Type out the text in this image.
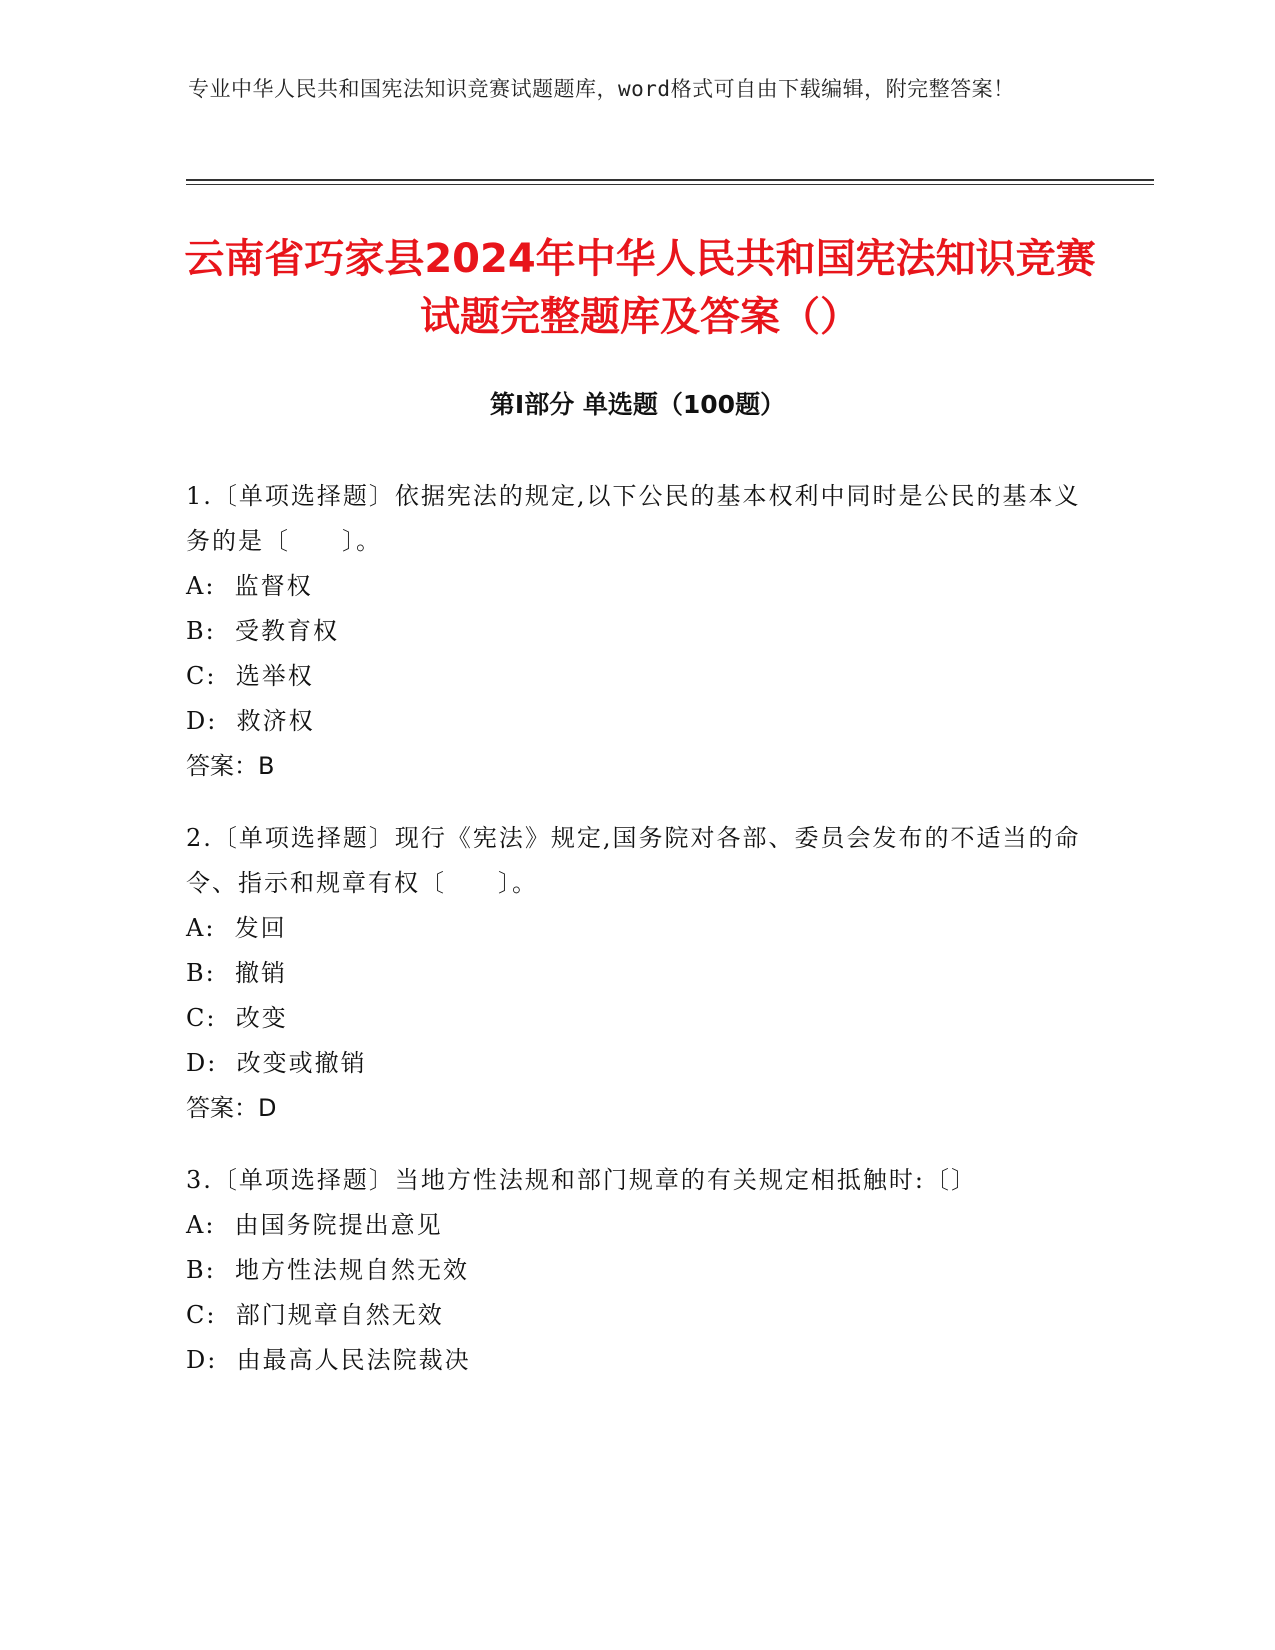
专业中华人民共和国宪法知识竞赛试题题库，word格式可自由下载编辑，附完整答案！
云南省巧家县2024年中华人民共和国宪法知识竞赛试题完整题库及答案（）
第I部分 单选题（100题）

1.〔单项选择题〕依据宪法的规定,以下公民的基本权利中同时是公民的基本义务的是〔　　〕。

A:  监督权

B:  受教育权

C:  选举权

D:  救济权

答案：B

2.〔单项选择题〕现行《宪法》规定,国务院对各部、委员会发布的不适当的命令、指示和规章有权〔　　〕。

A:  发回

B:  撤销

C:  改变

D:  改变或撤销

答案：D

3.〔单项选择题〕当地方性法规和部门规章的有关规定相抵触时:〔〕

A:  由国务院提出意见

B:  地方性法规自然无效

C:  部门规章自然无效

D:  由最高人民法院裁决
